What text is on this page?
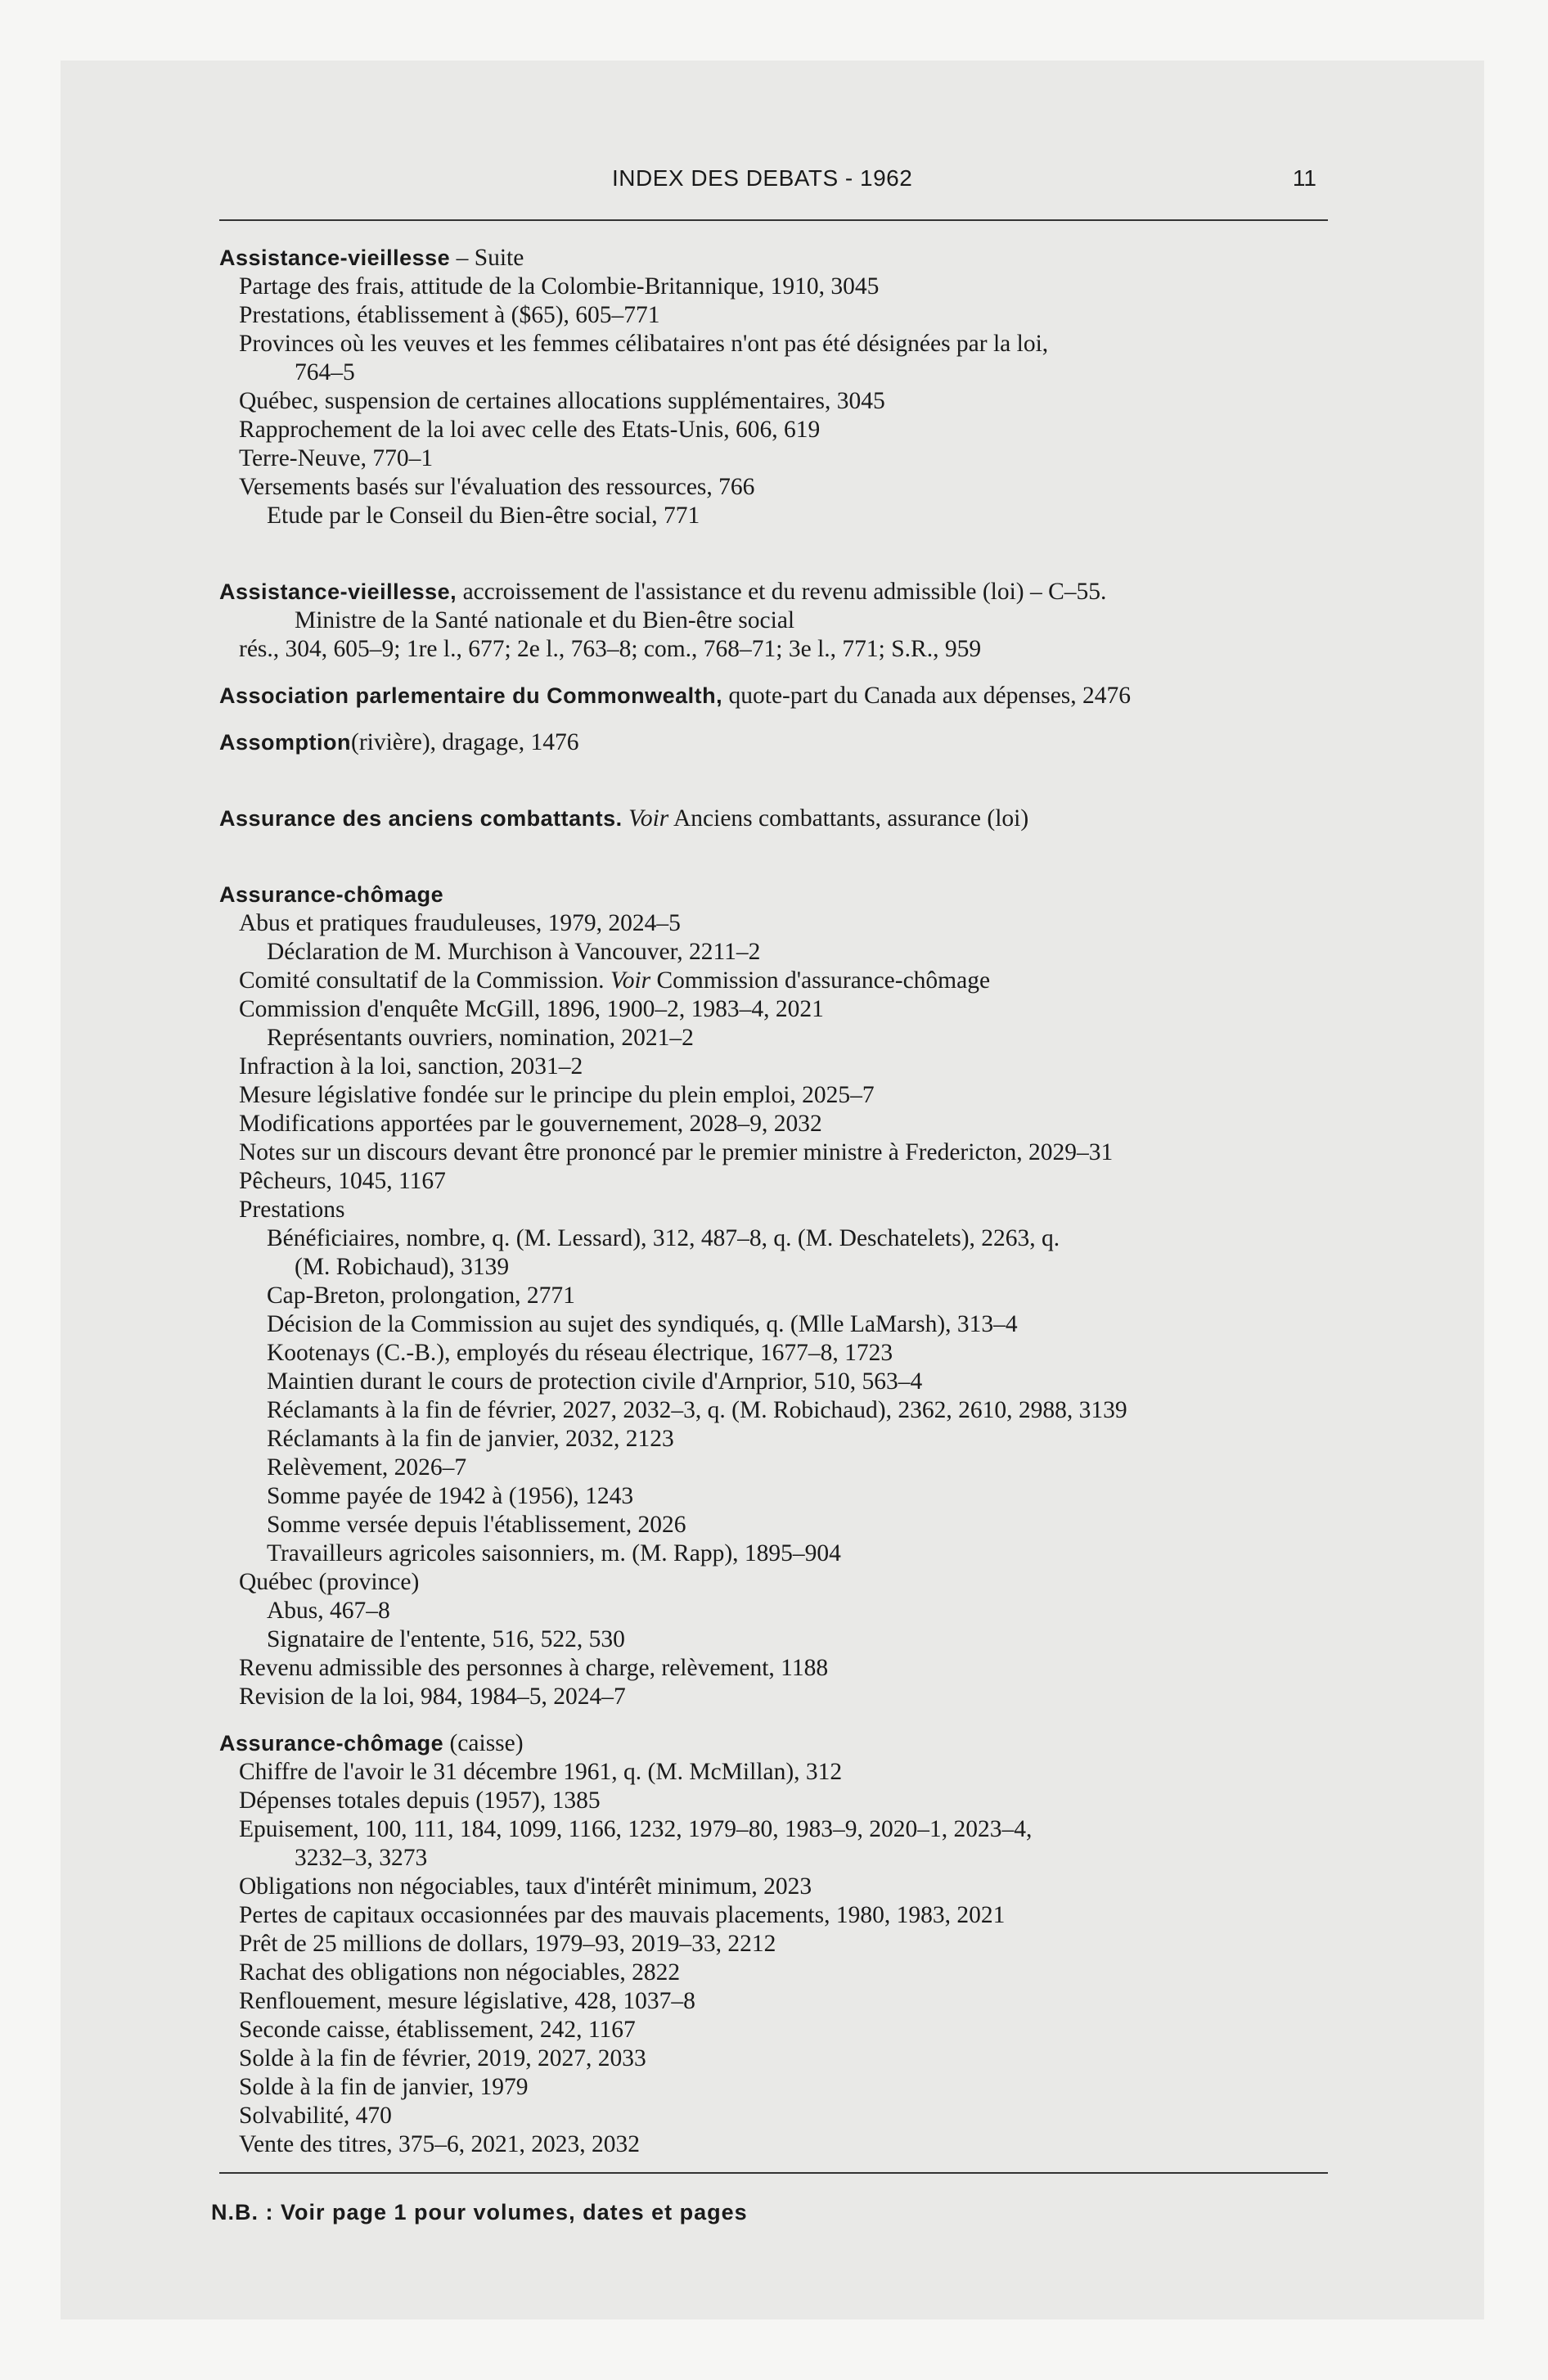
INDEX DES DEBATS - 1962	11
Assistance-vieillesse – Suite
Partage des frais, attitude de la Colombie-Britannique, 1910, 3045
Prestations, établissement à ($65), 605–771
Provinces où les veuves et les femmes célibataires n'ont pas été désignées par la loi,
764–5
Québec, suspension de certaines allocations supplémentaires, 3045
Rapprochement de la loi avec celle des Etats-Unis, 606, 619
Terre-Neuve, 770–1
Versements basés sur l'évaluation des ressources, 766
Etude par le Conseil du Bien-être social, 771
Assistance-vieillesse, accroissement de l'assistance et du revenu admissible (loi) – C–55.
Ministre de la Santé nationale et du Bien-être social
rés., 304, 605–9; 1re l., 677; 2e l., 763–8; com., 768–71; 3e l., 771; S.R., 959
Association parlementaire du Commonwealth, quote-part du Canada aux dépenses, 2476
Assomption(rivière), dragage, 1476
Assurance des anciens combattants. Voir Anciens combattants, assurance (loi)
Assurance-chômage
Abus et pratiques frauduleuses, 1979, 2024–5
Déclaration de M. Murchison à Vancouver, 2211–2
Comité consultatif de la Commission. Voir Commission d'assurance-chômage
Commission d'enquête McGill, 1896, 1900–2, 1983–4, 2021
Représentants ouvriers, nomination, 2021–2
Infraction à la loi, sanction, 2031–2
Mesure législative fondée sur le principe du plein emploi, 2025–7
Modifications apportées par le gouvernement, 2028–9, 2032
Notes sur un discours devant être prononcé par le premier ministre à Fredericton, 2029–31
Pêcheurs, 1045, 1167
Prestations
Bénéficiaires, nombre, q. (M. Lessard), 312, 487–8, q. (M. Deschatelets), 2263, q.
(M. Robichaud), 3139
Cap-Breton, prolongation, 2771
Décision de la Commission au sujet des syndiqués, q. (Mlle LaMarsh), 313–4
Kootenays (C.-B.), employés du réseau électrique, 1677–8, 1723
Maintien durant le cours de protection civile d'Arnprior, 510, 563–4
Réclamants à la fin de février, 2027, 2032–3, q. (M. Robichaud), 2362, 2610, 2988, 3139
Réclamants à la fin de janvier, 2032, 2123
Relèvement, 2026–7
Somme payée de 1942 à (1956), 1243
Somme versée depuis l'établissement, 2026
Travailleurs agricoles saisonniers, m. (M. Rapp), 1895–904
Québec (province)
Abus, 467–8
Signataire de l'entente, 516, 522, 530
Revenu admissible des personnes à charge, relèvement, 1188
Revision de la loi, 984, 1984–5, 2024–7
Assurance-chômage (caisse)
Chiffre de l'avoir le 31 décembre 1961, q. (M. McMillan), 312
Dépenses totales depuis (1957), 1385
Epuisement, 100, 111, 184, 1099, 1166, 1232, 1979–80, 1983–9, 2020–1, 2023–4,
3232–3, 3273
Obligations non négociables, taux d'intérêt minimum, 2023
Pertes de capitaux occasionnées par des mauvais placements, 1980, 1983, 2021
Prêt de 25 millions de dollars, 1979–93, 2019–33, 2212
Rachat des obligations non négociables, 2822
Renflouement, mesure législative, 428, 1037–8
Seconde caisse, établissement, 242, 1167
Solde à la fin de février, 2019, 2027, 2033
Solde à la fin de janvier, 1979
Solvabilité, 470
Vente des titres, 375–6, 2021, 2023, 2032
N.B. : Voir page 1 pour volumes, dates et pages
